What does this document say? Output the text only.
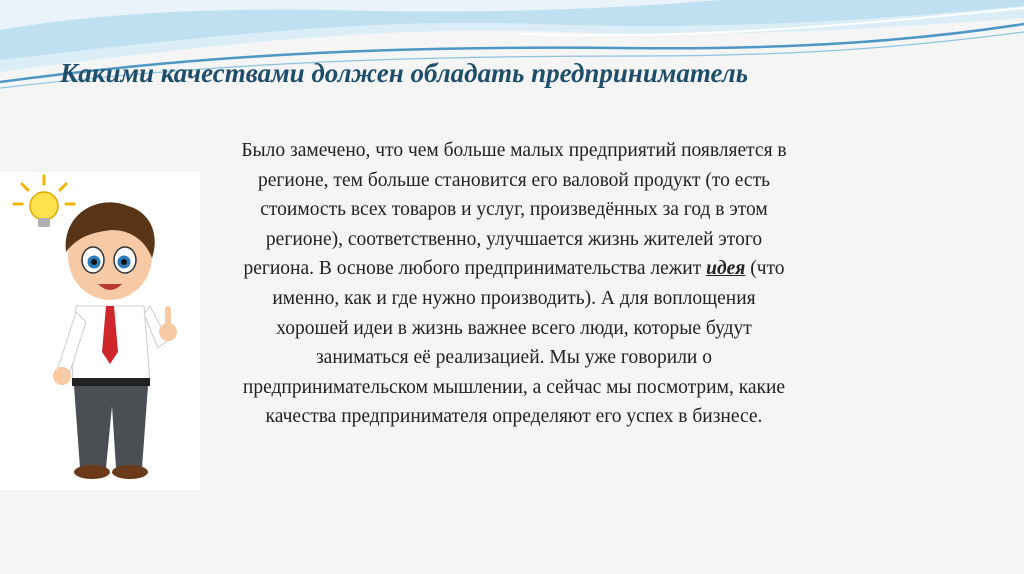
Какими качествами должен обладать предприниматель

Было замечено, что чем больше малых предприятий появляется в регионе, тем больше становится его валовой продукт (то есть стоимость всех товаров и услуг, произведённых за год в этом регионе), соответственно, улучшается жизнь жителей этого региона. В основе любого предпринимательства лежит идея (что именно, как и где нужно производить). А для воплощения хорошей идеи в жизнь важнее всего люди, которые будут заниматься её реализацией. Мы уже говорили о предпринимательском мышлении, а сейчас мы посмотрим, какие качества предпринимателя определяют его успех в бизнесе.
